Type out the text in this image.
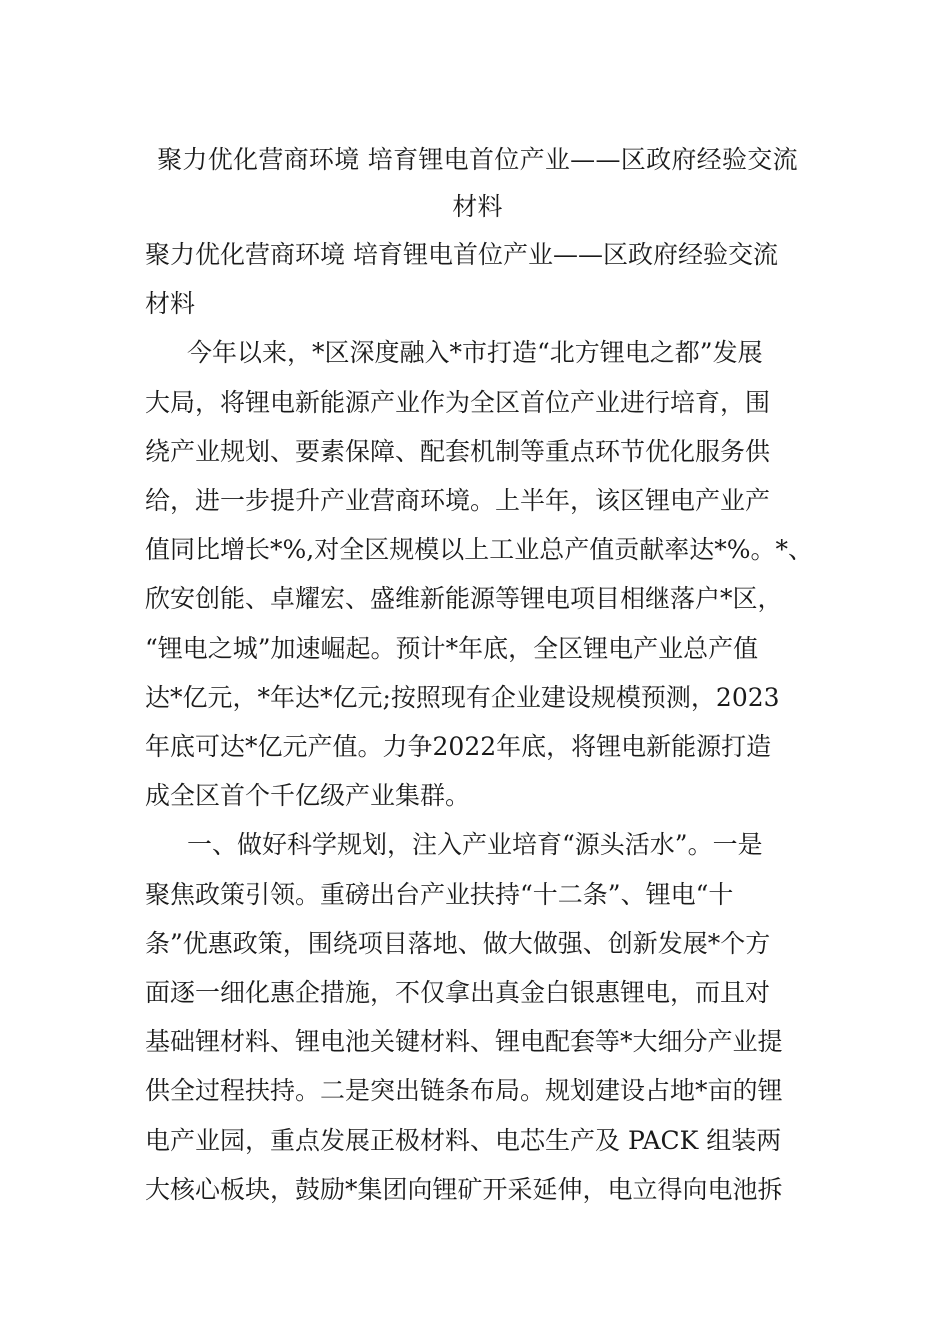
聚力优化营商环境 培育锂电首位产业——区政府经验交流
材料

聚力优化营商环境 培育锂电首位产业——区政府经验交流
材料

今年以来，*区深度融入*市打造“北方锂电之都”发展

大局，将锂电新能源产业作为全区首位产业进行培育，围
绕产业规划、要素保障、配套机制等重点环节优化服务供
给，进一步提升产业营商环境。上半年，该区锂电产业产
值同比增长*%,对全区规模以上工业总产值贡献率达*%。*、
欣安创能、卓耀宏、盛维新能源等锂电项目相继落户*区，
“锂电之城”加速崛起。预计*年底，全区锂电产业总产值
达*亿元，*年达*亿元;按照现有企业建设规模预测，2023
年底可达*亿元产值。力争2022年底，将锂电新能源打造
成全区首个千亿级产业集群。

一、做好科学规划，注入产业培育“源头活水”。一是

聚焦政策引领。重磅出台产业扶持“十二条”、锂电“十
条”优惠政策，围绕项目落地、做大做强、创新发展*个方
面逐一细化惠企措施，不仅拿出真金白银惠锂电，而且对
基础锂材料、锂电池关键材料、锂电配套等*大细分产业提
供全过程扶持。二是突出链条布局。规划建设占地*亩的锂
电产业园，重点发展正极材料、电芯生产及 PACK 组装两
大核心板块，鼓励*集团向锂矿开采延伸，电立得向电池拆
